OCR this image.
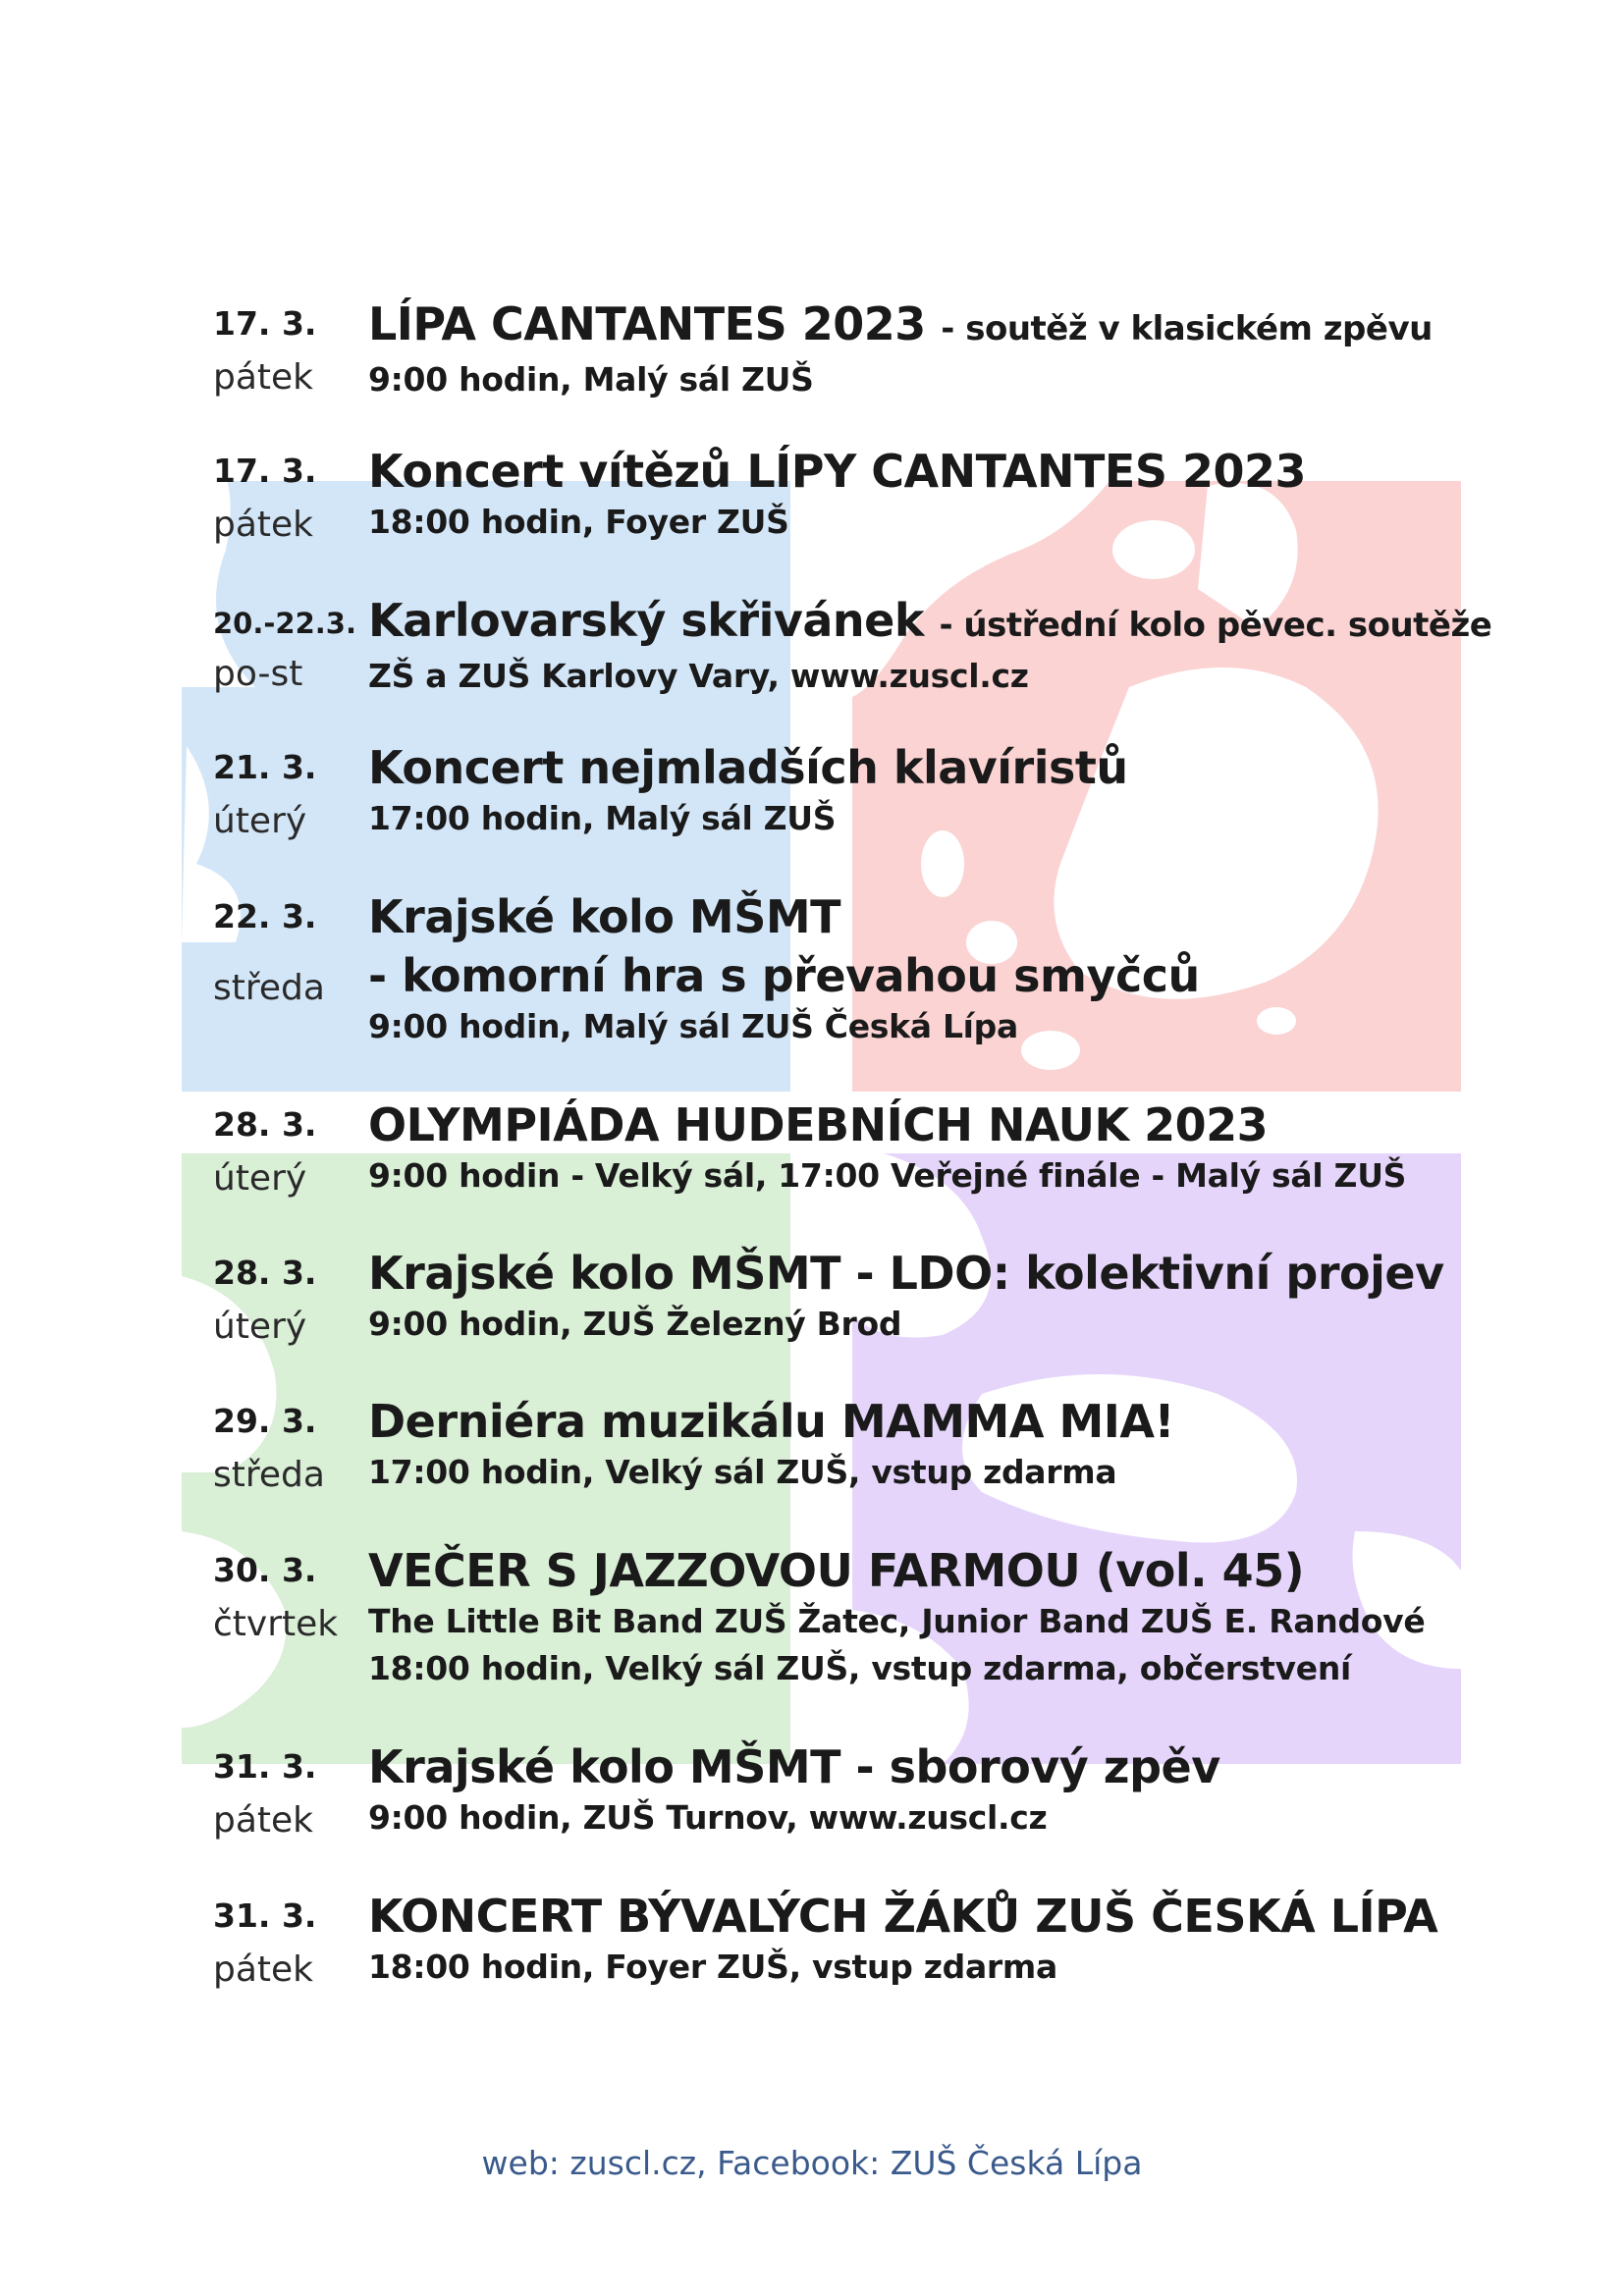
17. 3.
pátek
LÍPA CANTANTES 2023 - soutěž v klasickém zpěvu
9:00 hodin, Malý sál ZUŠ
17. 3.
pátek
Koncert vítězů LÍPY CANTANTES 2023
18:00 hodin, Foyer ZUŠ
20.-22.3.
po-st
Karlovarský skřivánek - ústřední kolo pěvec. soutěže
ZŠ a ZUŠ Karlovy Vary, www.zuscl.cz
21. 3.
úterý
Koncert nejmladších klavíristů
17:00 hodin, Malý sál ZUŠ
22. 3.
středa
Krajské kolo MŠMT
- komorní hra s převahou smyčců
9:00 hodin, Malý sál ZUŠ Česká Lípa
28. 3.
úterý
OLYMPIÁDA HUDEBNÍCH NAUK 2023
9:00 hodin - Velký sál, 17:00 Veřejné finále - Malý sál ZUŠ
28. 3.
úterý
Krajské kolo MŠMT - LDO: kolektivní projev
9:00 hodin, ZUŠ Železný Brod
29. 3.
středa
Derniéra muzikálu MAMMA MIA!
17:00 hodin, Velký sál ZUŠ, vstup zdarma
30. 3.
čtvrtek
VEČER S JAZZOVOU FARMOU (vol. 45)
The Little Bit Band ZUŠ Žatec, Junior Band ZUŠ E. Randové
18:00 hodin, Velký sál ZUŠ, vstup zdarma, občerstvení
31. 3.
pátek
Krajské kolo MŠMT - sborový zpěv
9:00 hodin, ZUŠ Turnov, www.zuscl.cz
31. 3.
pátek
KONCERT BÝVALÝCH ŽÁKŮ ZUŠ ČESKÁ LÍPA
18:00 hodin, Foyer ZUŠ, vstup zdarma
web: zuscl.cz, Facebook: ZUŠ Česká Lípa
